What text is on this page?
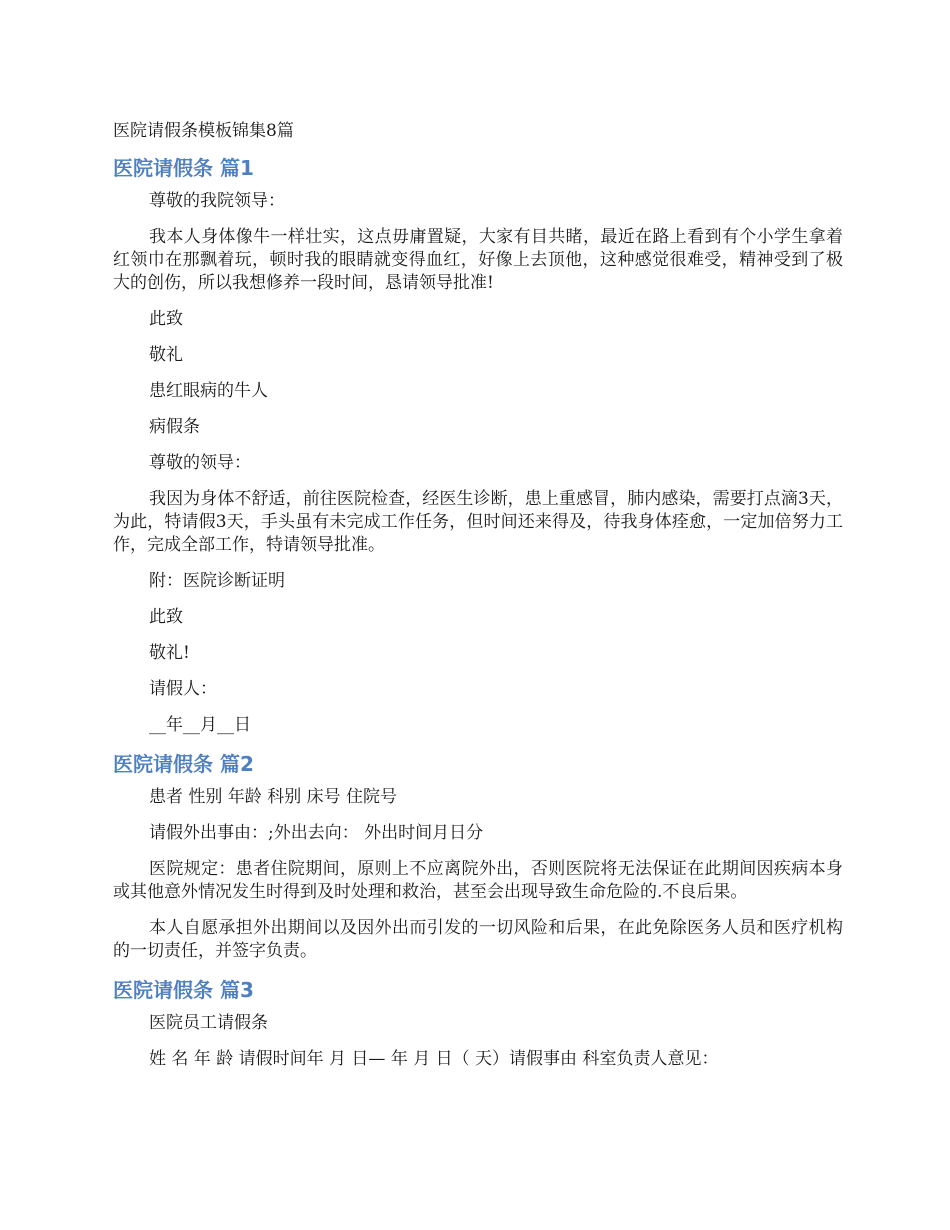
医院请假条模板锦集8篇
医院请假条 篇1

尊敬的我院领导：

我本人身体像牛一样壮实，这点毋庸置疑，大家有目共睹，最近在路上看到有个小学生拿着红领巾在那飘着玩，顿时我的眼睛就变得血红，好像上去顶他，这种感觉很难受，精神受到了极大的创伤，所以我想修养一段时间，恳请领导批准!

此致

敬礼

患红眼病的牛人

病假条

尊敬的领导：

我因为身体不舒适，前往医院检查，经医生诊断，患上重感冒，肺内感染，需要打点滴3天，为此，特请假3天，手头虽有未完成工作任务，但时间还来得及，待我身体痊愈，一定加倍努力工作，完成全部工作，特请领导批准。

附：医院诊断证明

此致

敬礼!

请假人：

__年__月__日

医院请假条 篇2

患者 性别 年龄 科别 床号 住院号

请假外出事由：;外出去向： 外出时间月日分

医院规定：患者住院期间，原则上不应离院外出，否则医院将无法保证在此期间因疾病本身或其他意外情况发生时得到及时处理和救治，甚至会出现导致生命危险的.不良后果。

本人自愿承担外出期间以及因外出而引发的一切风险和后果，在此免除医务人员和医疗机构的一切责任，并签字负责。

医院请假条 篇3

医院员工请假条

姓 名 年 龄 请假时间年 月 日— 年 月 日（ 天）请假事由 科室负责人意见：
